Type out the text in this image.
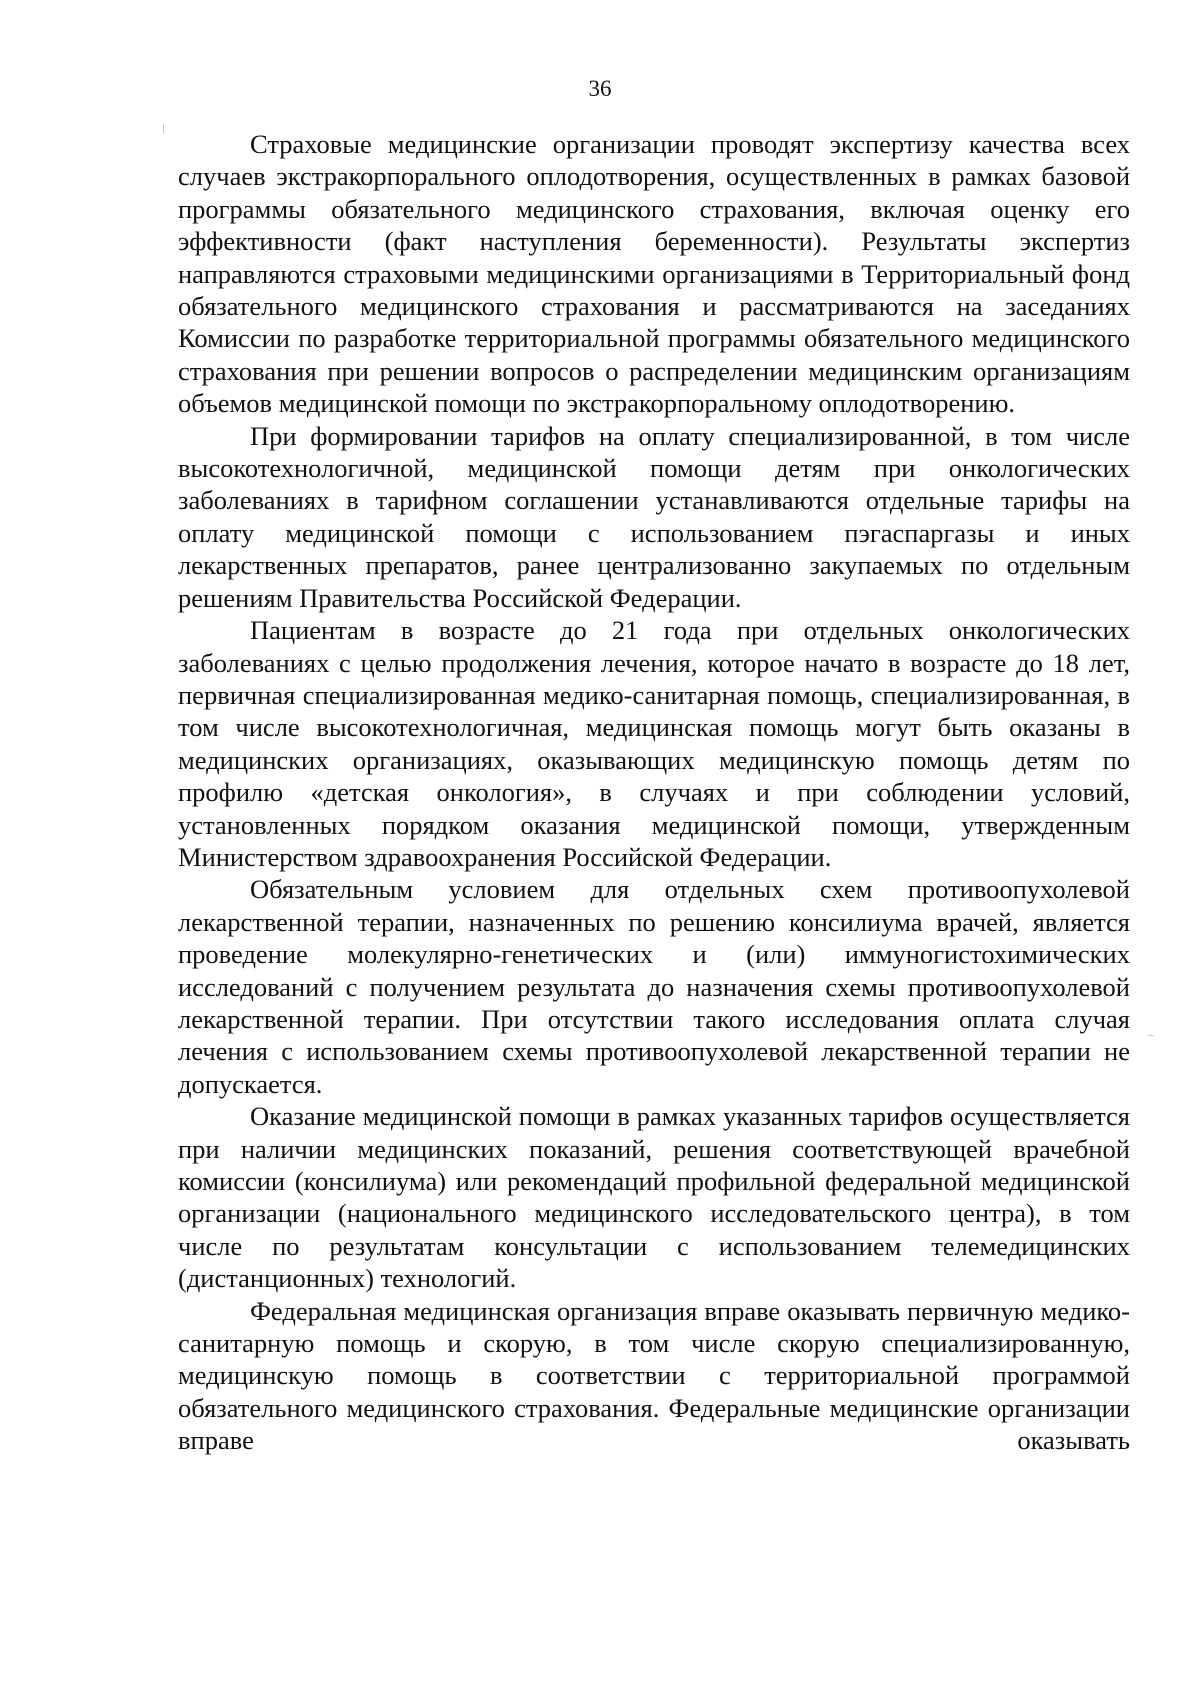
36

Страховые медицинские организации проводят экспертизу качества всех случаев экстракорпорального оплодотворения, осуществленных в рамках базовой программы обязательного медицинского страхования, включая оценку его эффективности (факт наступления беременности). Результаты экспертиз направляются страховыми медицинскими организациями в Территориальный фонд обязательного медицинского страхования и рассматриваются на заседаниях Комиссии по разработке территориальной программы обязательного медицинского страхования при решении вопросов о распределении медицинским организациям объемов медицинской помощи по экстракорпоральному оплодотворению.

При формировании тарифов на оплату специализированной, в том числе высокотехнологичной, медицинской помощи детям при онкологических заболеваниях в тарифном соглашении устанавливаются отдельные тарифы на оплату медицинской помощи с использованием пэгаспаргазы и иных лекарственных препаратов, ранее централизованно закупаемых по отдельным решениям Правительства Российской Федерации.

Пациентам в возрасте до 21 года при отдельных онкологических заболеваниях с целью продолжения лечения, которое начато в возрасте до 18 лет, первичная специализированная медико-санитарная помощь, специализированная, в том числе высокотехнологичная, медицинская помощь могут быть оказаны в медицинских организациях, оказывающих медицинскую помощь детям по профилю «детская онкология», в случаях и при соблюдении условий, установленных порядком оказания медицинской помощи, утвержденным Министерством здравоохранения Российской Федерации.

Обязательным условием для отдельных схем противоопухолевой лекарственной терапии, назначенных по решению консилиума врачей, является проведение молекулярно-генетических и (или) иммуногистохимических исследований с получением результата до назначения схемы противоопухолевой лекарственной терапии. При отсутствии такого исследования оплата случая лечения с использованием схемы противоопухолевой лекарственной терапии не допускается.

Оказание медицинской помощи в рамках указанных тарифов осуществляется при наличии медицинских показаний, решения соответствующей врачебной комиссии (консилиума) или рекомендаций профильной федеральной медицинской организации (национального медицинского исследовательского центра), в том числе по результатам консультации с использованием телемедицинских (дистанционных) технологий.

Федеральная медицинская организация вправе оказывать первичную медико-санитарную помощь и скорую, в том числе скорую специализированную, медицинскую помощь в соответствии с территориальной программой обязательного медицинского страхования. Федеральные медицинские организации вправе оказывать
